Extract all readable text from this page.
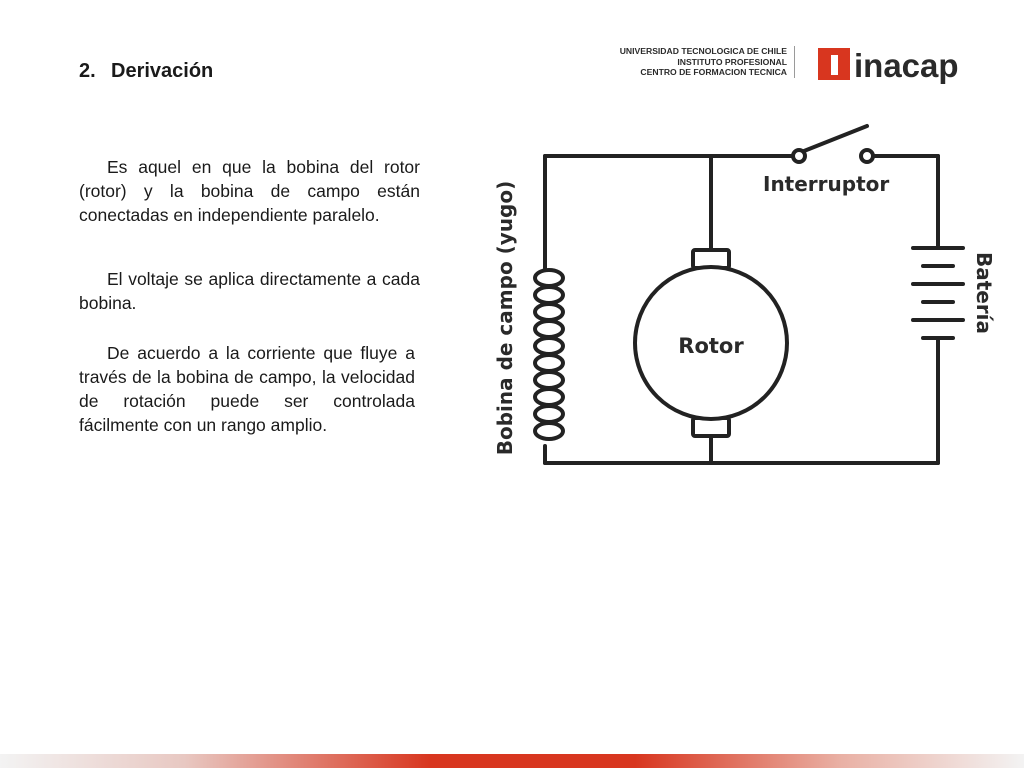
2. Derivación

Es aquel en que la bobina del rotor (rotor) y la bobina de campo están conectadas en independiente paralelo.

El voltaje se aplica directamente a cada bobina.

De acuerdo a la corriente que fluye a través de la bobina de campo, la velocidad de rotación puede ser controlada fácilmente con un rango amplio.

UNIVERSIDAD TECNOLOGICA DE CHILE
INSTITUTO PROFESIONAL
CENTRO DE FORMACION TECNICA inacap
Interruptor
Rotor
Bobina de campo (yugo)	Batería
